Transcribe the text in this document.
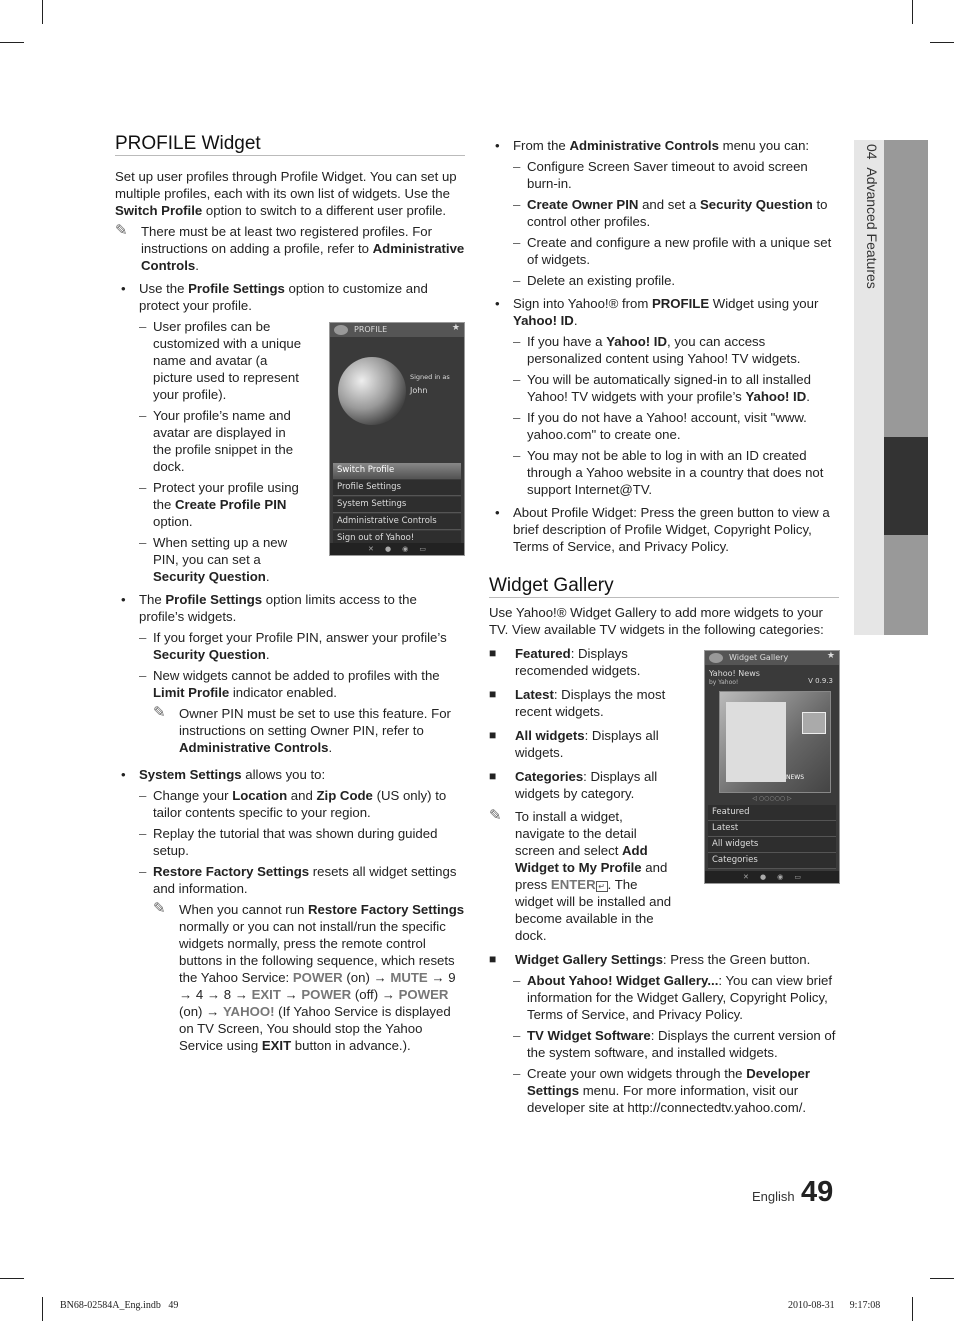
04  Advanced Features
PROFILE Widget

Set up user profiles through Profile Widget. You can set up multiple profiles, each with its own list of widgets. Use the Switch Profile option to switch to a different user profile.

✎ There must be at least two registered profiles. For instructions on adding a profile, refer to Administrative Controls.
• Use the Profile Settings option to customize and protect your profile.
– User profiles can be customized with a unique name and avatar (a picture used to represent your profile).
– Your profile’s name and avatar are displayed in the profile snippet in the dock.
– Protect your profile using the Create Profile PIN option.
– When setting up a new PIN, you can set a Security Question.
• The Profile Settings option limits access to the profile’s widgets.
– If you forget your Profile PIN, answer your profile’s Security Question.
– New widgets cannot be added to profiles with the Limit Profile indicator enabled.
✎ Owner PIN must be set to use this feature. For instructions on setting Owner PIN, refer to Administrative Controls.
• System Settings allows you to:
– Change your Location and Zip Code (US only) to tailor contents specific to your region.
– Replay the tutorial that was shown during guided setup.
– Restore Factory Settings resets all widget settings and information.
✎ When you cannot run Restore Factory Settings normally or you can not install/run the specific widgets normally, press the remote control buttons in the following sequence, which resets the Yahoo Service: POWER (on) → MUTE → 9 → 4 → 8 → EXIT → POWER (off) → POWER (on) → YAHOO! (If Yahoo Service is displayed on TV Screen, You should stop the Yahoo Service using EXIT button in advance.).
PROFILE	★
Signed in as
John
Switch Profile
Profile Settings
System Settings
Administrative Controls
Sign out of Yahoo!
✕     ●     ◉     ▭
• From the Administrative Controls menu you can:
– Configure Screen Saver timeout to avoid screen burn-in.
– Create Owner PIN and set a Security Question to control other profiles.
– Create and configure a new profile with a unique set of widgets.
– Delete an existing profile.
• Sign into Yahoo!® from PROFILE Widget using your Yahoo! ID.
– If you have a Yahoo! ID, you can access personalized content using Yahoo! TV widgets.
– You will be automatically signed-in to all installed Yahoo! TV widgets with your profile’s Yahoo! ID.
– If you do not have a Yahoo! account, visit "www. yahoo.com" to create one.
– You may not be able to log in with an ID created through a Yahoo website in a country that does not support Internet@TV.
• About Profile Widget: Press the green button to view a brief description of Profile Widget, Copyright Policy, Terms of Service, and Privacy Policy.
Widget Gallery

Use Yahoo!® Widget Gallery to add more widgets to your TV. View available TV widgets in the following categories:

■ Featured: Displays recomended widgets.
■ Latest: Displays the most recent widgets.
■ All widgets: Displays all widgets.
■ Categories: Displays all widgets by category.
✎ To install a widget, navigate to the detail screen and select Add Widget to My Profile and press ENTER ↵ . The widget will be installed and become available in the dock.
■ Widget Gallery Settings: Press the Green button.
– About Yahoo! Widget Gallery...: You can view brief information for the Widget Gallery, Copyright Policy, Terms of Service, and Privacy Policy.
– TV Widget Software: Displays the current version of the system software, and installed widgets.
– Create your own widgets through the Developer Settings menu. For more information, visit our developer site at http://connectedtv.yahoo.com/.
Widget Gallery	★
Yahoo! News
by Yahoo!	V 0.9.3
NEWS
◁ ○○○○○ ▷
Featured
Latest
All widgets
Categories
✕     ●     ◉     ▭
English 49
BN68-02584A_Eng.indb   49	2010-08-31      9:17:08
